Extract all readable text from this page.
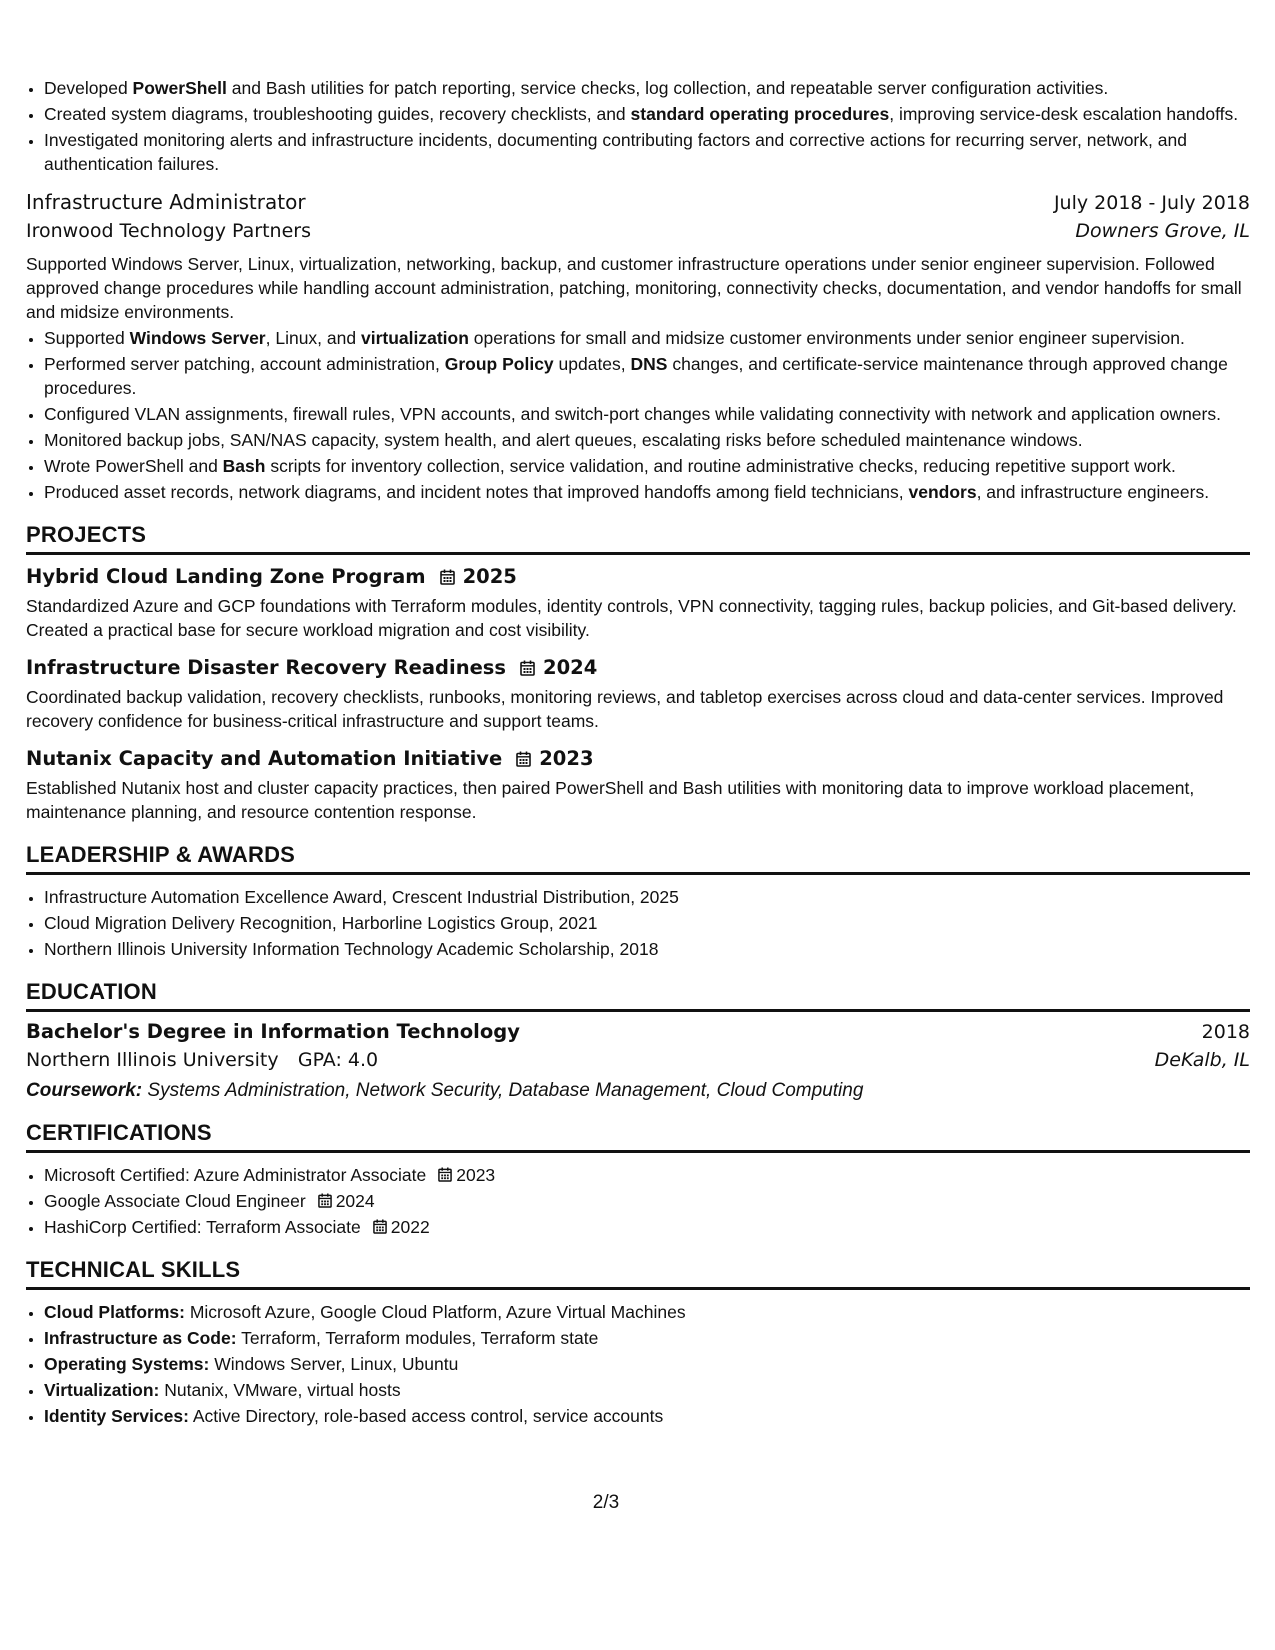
• Developed PowerShell and Bash utilities for patch reporting, service checks, log collection, and repeatable server configuration activities.
• Created system diagrams, troubleshooting guides, recovery checklists, and standard operating procedures, improving service-desk escalation handoffs.
• Investigated monitoring alerts and infrastructure incidents, documenting contributing factors and corrective actions for recurring server, network, and authentication failures.
Infrastructure Administrator	July 2018 - July 2018
Ironwood Technology Partners	Downers Grove, IL
Supported Windows Server, Linux, virtualization, networking, backup, and customer infrastructure operations under senior engineer supervision. Followed approved change procedures while handling account administration, patching, monitoring, connectivity checks, documentation, and vendor handoffs for small and midsize environments.
• Supported Windows Server, Linux, and virtualization operations for small and midsize customer environments under senior engineer supervision.
• Performed server patching, account administration, Group Policy updates, DNS changes, and certificate-service maintenance through approved change procedures.
• Configured VLAN assignments, firewall rules, VPN accounts, and switch-port changes while validating connectivity with network and application owners.
• Monitored backup jobs, SAN/NAS capacity, system health, and alert queues, escalating risks before scheduled maintenance windows.
• Wrote PowerShell and Bash scripts for inventory collection, service validation, and routine administrative checks, reducing repetitive support work.
• Produced asset records, network diagrams, and incident notes that improved handoffs among field technicians, vendors, and infrastructure engineers.
PROJECTS
Hybrid Cloud Landing Zone Program 2025
Standardized Azure and GCP foundations with Terraform modules, identity controls, VPN connectivity, tagging rules, backup policies, and Git-based delivery. Created a practical base for secure workload migration and cost visibility.
Infrastructure Disaster Recovery Readiness 2024
Coordinated backup validation, recovery checklists, runbooks, monitoring reviews, and tabletop exercises across cloud and data-center services. Improved recovery confidence for business-critical infrastructure and support teams.
Nutanix Capacity and Automation Initiative 2023
Established Nutanix host and cluster capacity practices, then paired PowerShell and Bash utilities with monitoring data to improve workload placement, maintenance planning, and resource contention response.
LEADERSHIP & AWARDS
• Infrastructure Automation Excellence Award, Crescent Industrial Distribution, 2025
• Cloud Migration Delivery Recognition, Harborline Logistics Group, 2021
• Northern Illinois University Information Technology Academic Scholarship, 2018
EDUCATION
Bachelor's Degree in Information Technology	2018
Northern Illinois University GPA: 4.0	DeKalb, IL
Coursework: Systems Administration, Network Security, Database Management, Cloud Computing
CERTIFICATIONS
• Microsoft Certified: Azure Administrator Associate 2023
• Google Associate Cloud Engineer 2024
• HashiCorp Certified: Terraform Associate 2022
TECHNICAL SKILLS
• Cloud Platforms: Microsoft Azure, Google Cloud Platform, Azure Virtual Machines
• Infrastructure as Code: Terraform, Terraform modules, Terraform state
• Operating Systems: Windows Server, Linux, Ubuntu
• Virtualization: Nutanix, VMware, virtual hosts
• Identity Services: Active Directory, role-based access control, service accounts
2/3
